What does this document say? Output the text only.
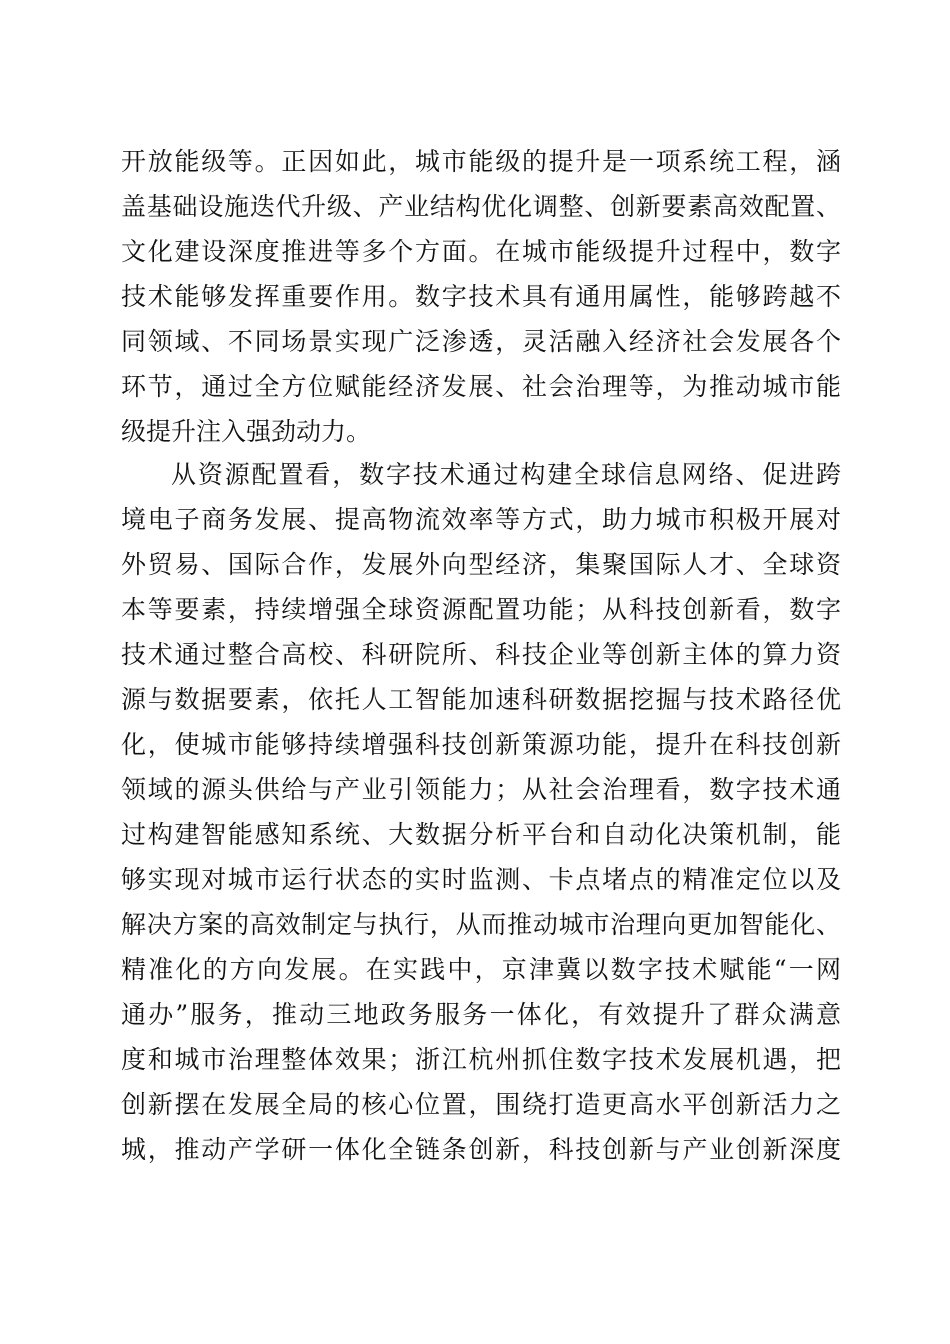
开放能级等。正因如此，城市能级的提升是一项系统工程，涵
盖基础设施迭代升级、产业结构优化调整、创新要素高效配置、
文化建设深度推进等多个方面。在城市能级提升过程中，数字
技术能够发挥重要作用。数字技术具有通用属性，能够跨越不
同领域、不同场景实现广泛渗透，灵活融入经济社会发展各个
环节，通过全方位赋能经济发展、社会治理等，为推动城市能
级提升注入强劲动力。
从资源配置看，数字技术通过构建全球信息网络、促进跨
境电子商务发展、提高物流效率等方式，助力城市积极开展对
外贸易、国际合作，发展外向型经济，集聚国际人才、全球资
本等要素，持续增强全球资源配置功能；从科技创新看，数字
技术通过整合高校、科研院所、科技企业等创新主体的算力资
源与数据要素，依托人工智能加速科研数据挖掘与技术路径优
化，使城市能够持续增强科技创新策源功能，提升在科技创新
领域的源头供给与产业引领能力；从社会治理看，数字技术通
过构建智能感知系统、大数据分析平台和自动化决策机制，能
够实现对城市运行状态的实时监测、卡点堵点的精准定位以及
解决方案的高效制定与执行，从而推动城市治理向更加智能化、
精准化的方向发展。在实践中，京津冀以数字技术赋能“一网
通办”服务，推动三地政务服务一体化，有效提升了群众满意
度和城市治理整体效果；浙江杭州抓住数字技术发展机遇，把
创新摆在发展全局的核心位置，围绕打造更高水平创新活力之
城，推动产学研一体化全链条创新，科技创新与产业创新深度
